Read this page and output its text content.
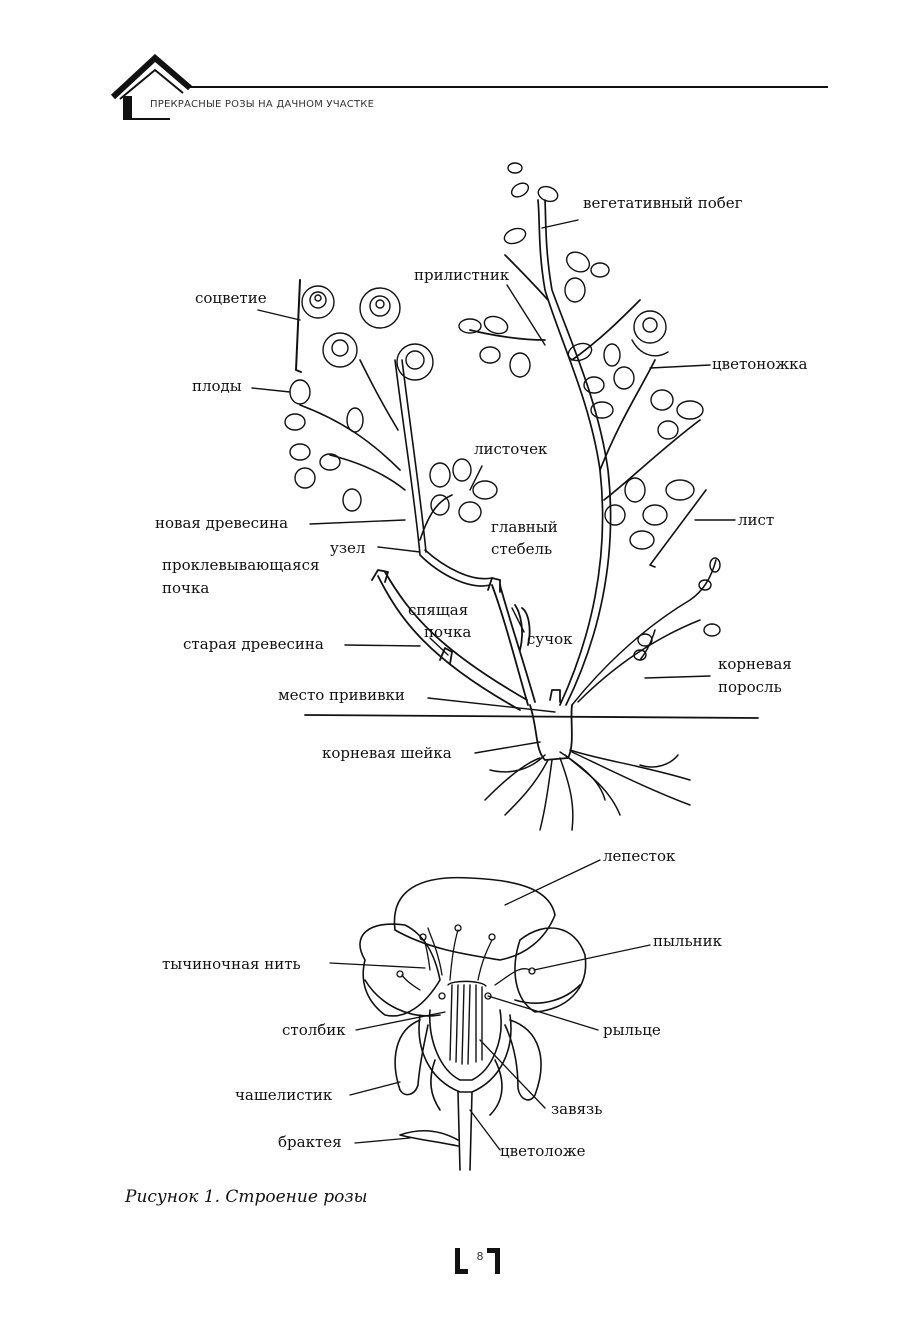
ПРЕКРАСНЫЕ РОЗЫ НА ДАЧНОМ УЧАСТКЕ
вегетативный побег
прилистник
соцветие
цветоножка
плоды
листочек
новая древесина	главный
стебель
лист
узел
проклевывающаяся
почка
спящая
почка
старая древесина	сучок
корневая
поросль
место прививки
корневая шейка
лепесток
пыльник
тычиночная нить
столбик	рыльце
чашелистик
завязь
брактея	цветоложе
Рисунок 1. Строение розы
8
